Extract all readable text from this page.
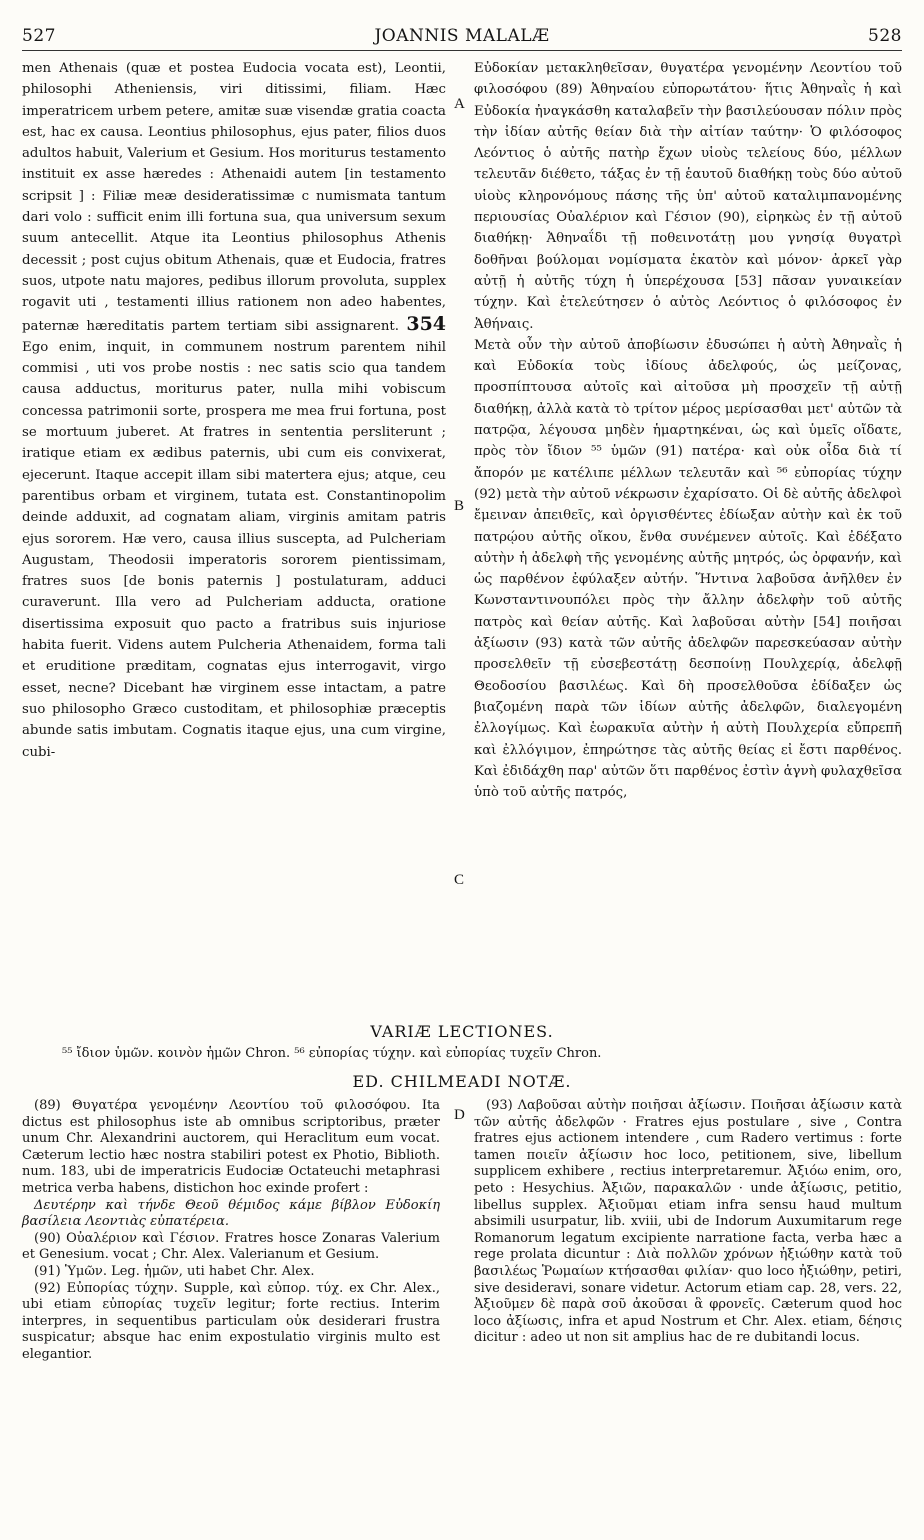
527	JOANNIS MALALÆ	528
men Athenais (quæ et postea Eudocia vocata est), Leontii, philosophi Atheniensis, viri ditissimi, filiam. Hæc imperatricem urbem petere, amitæ suæ visendæ gratia coacta est, hac ex causa. Leontius philosophus, ejus pater, filios duos adultos habuit, Valerium et Gesium. Hos moriturus testamento instituit ex asse hæredes : Athenaidi autem [in testamento scripsit ] : Filiæ meæ desideratissimæ c numismata tantum dari volo : sufficit enim illi fortuna sua, qua universum sexum suum antecellit. Atque ita Leontius philosophus Athenis decessit ; post cujus obitum Athenais, quæ et Eudocia, fratres suos, utpote natu majores, pedibus illorum provoluta, supplex rogavit uti , testamenti illius rationem non adeo habentes, paternæ hæreditatis partem tertiam sibi assignarent. 354 Ego enim, inquit, in communem nostrum parentem nihil commisi , uti vos probe nostis : nec satis scio qua tandem causa adductus, moriturus pater, nulla mihi vobiscum concessa patrimonii sorte, prospera me mea frui fortuna, post se mortuum juberet. At fratres in sententia persliterunt ; iratique etiam ex ædibus paternis, ubi cum eis convixerat, ejecerunt. Itaque accepit illam sibi matertera ejus; atque, ceu parentibus orbam et virginem, tutata est. Constantinopolim deinde adduxit, ad cognatam aliam, virginis amitam patris ejus sororem. Hæ vero, causa illius suscepta, ad Pulcheriam Augustam, Theodosii imperatoris sororem pientissimam, fratres suos [de bonis paternis ] postulaturam, adduci curaverunt. Illa vero ad Pulcheriam adducta, oratione disertissima exposuit quo pacto a fratribus suis injuriose habita fuerit. Videns autem Pulcheria Athenaidem, forma tali et eruditione præditam, cognatas ejus interrogavit, virgo esset, necne? Dicebant hæ virginem esse intactam, a patre suo philosopho Græco custoditam, et philosophiæ præceptis abunde satis imbutam. Cognatis itaque ejus, una cum virgine, cubi-
A
B
C
Εὐδοκίαν μετακληθεῖσαν, θυγατέρα γενομένην Λεοντίου τοῦ φιλοσόφου (89) Ἀθηναίου εὐπορωτάτου· ἥτις Ἀθηναῒς ἡ καὶ Εὐδοκία ἠναγκάσθη καταλαβεῖν τὴν βασιλεύουσαν πόλιν πρὸς τὴν ἰδίαν αὐτῆς θείαν διὰ τὴν αἰτίαν ταύτην· Ὁ φιλόσοφος Λεόντιος ὁ αὐτῆς πατὴρ ἔχων υἱοὺς τελείους δύο, μέλλων τελευτᾶν διέθετο, τάξας ἐν τῇ ἑαυτοῦ διαθήκῃ τοὺς δύο αὐτοῦ υἱοὺς κληρονόμους πάσης τῆς ὑπ' αὐτοῦ καταλιμπανομένης περιουσίας Οὐαλέριον καὶ Γέσιον (90), εἰρηκὼς ἐν τῇ αὐτοῦ διαθήκῃ· Ἀθηναΐδι τῇ ποθεινοτάτῃ μου γνησίᾳ θυγατρὶ δοθῆναι βούλομαι νομίσματα ἑκατὸν καὶ μόνον· ἀρκεῖ γὰρ αὐτῇ ἡ αὐτῆς τύχη ἡ ὑπερέχουσα [53] πᾶσαν γυναικείαν τύχην. Καὶ ἐτελεύτησεν ὁ αὐτὸς Λεόντιος ὁ φιλόσοφος ἐν Ἀθήναις.
Μετὰ οὖν τὴν αὐτοῦ ἀποβίωσιν ἐδυσώπει ἡ αὐτὴ Ἀθηναῒς ἡ καὶ Εὐδοκία τοὺς ἰδίους ἀδελφούς, ὡς μείζονας, προσπίπτουσα αὐτοῖς καὶ αἰτοῦσα μὴ προσχεῖν τῇ αὐτῇ διαθήκῃ, ἀλλὰ κατὰ τὸ τρίτον μέρος μερίσασθαι μετ' αὐτῶν τὰ πατρῷα, λέγουσα μηδὲν ἡμαρτηκέναι, ὡς καὶ ὑμεῖς οἴδατε, πρὸς τὸν ἴδιον ⁵⁵ ὑμῶν (91) πατέρα· καὶ οὐκ οἶδα διὰ τί ἄπορόν με κατέλιπε μέλλων τελευτᾶν καὶ ⁵⁶ εὐπορίας τύχην (92) μετὰ τὴν αὐτοῦ νέκρωσιν ἐχαρίσατο. Οἱ δὲ αὐτῆς ἀδελφοὶ ἔμειναν ἀπειθεῖς, καὶ ὀργισθέντες ἐδίωξαν αὐτὴν καὶ ἐκ τοῦ πατρῴου αὐτῆς οἴκου, ἔνθα συνέμενεν αὐτοῖς. Καὶ ἐδέξατο αὐτὴν ἡ ἀδελφὴ τῆς γενομένης αὐτῆς μητρός, ὡς ὀρφανήν, καὶ ὡς παρθένον ἐφύλαξεν αὐτήν. Ἥντινα λαβοῦσα ἀνῆλθεν ἐν Κωνσταντινουπόλει πρὸς τὴν ἄλλην ἀδελφὴν τοῦ αὐτῆς πατρὸς καὶ θείαν αὐτῆς. Καὶ λαβοῦσαι αὐτὴν [54] ποιῆσαι ἀξίωσιν (93) κατὰ τῶν αὐτῆς ἀδελφῶν παρεσκεύασαν αὐτὴν προσελθεῖν τῇ εὐσεβεστάτῃ δεσποίνῃ Πουλχερίᾳ, ἀδελφῇ Θεοδοσίου βασιλέως. Καὶ δὴ προσελθοῦσα ἐδίδαξεν ὡς βιαζομένη παρὰ τῶν ἰδίων αὐτῆς ἀδελφῶν, διαλεγομένη ἐλλογίμως. Καὶ ἑωρακυῖα αὐτὴν ἡ αὐτὴ Πουλχερία εὔπρεπῆ καὶ ἐλλόγιμον, ἐπηρώτησε τὰς αὐτῆς θείας εἰ ἔστι παρθένος. Καὶ ἐδιδάχθη παρ' αὐτῶν ὅτι παρθένος ἐστὶν ἁγνὴ φυλαχθεῖσα ὑπὸ τοῦ αὐτῆς πατρός,
VARIÆ LECTIONES.
⁵⁵ ἴδιον ὑμῶν. κοινὸν ἡμῶν Chron. ⁵⁶ εὐπορίας τύχην. καὶ εὐπορίας τυχεῖν Chron.
ED. CHILMEADI NOTÆ.
D

(89) Θυγατέρα γενομένην Λεοντίου τοῦ φιλοσόφου. Ita dictus est philosophus iste ab omnibus scriptoribus, præter unum Chr. Alexandrini auctorem, qui Heraclitum eum vocat. Cæterum lectio hæc nostra stabiliri potest ex Photio, Biblioth. num. 183, ubi de imperatricis Eudociæ Octateuchi metaphrasi metrica verba habens, distichon hoc exinde profert :

Δευτέρην καὶ τήνδε Θεοῦ θέμιδος κάμε βίβλον Εὐδοκίη βασίλεια Λεοντιὰς εὐπατέρεια.

(90) Οὐαλέριον καὶ Γέσιον. Fratres hosce Zonaras Valerium et Genesium. vocat ; Chr. Alex. Valerianum et Gesium.

(91) Ὑμῶν. Leg. ἡμῶν, uti habet Chr. Alex.

(92) Εὐπορίας τύχην. Supple, καὶ εὐπορ. τύχ. ex Chr. Alex., ubi etiam εὐπορίας τυχεῖν legitur; forte rectius. Interim interpres, in sequentibus particulam οὐκ desiderari frustra suspicatur; absque hac enim expostulatio virginis multo est elegantior.

(93) Λαβοῦσαι αὐτὴν ποιῆσαι ἀξίωσιν. Ποιῆσαι ἀξίωσιν κατὰ τῶν αὐτῆς ἀδελφῶν · Fratres ejus postulare , sive , Contra fratres ejus actionem intendere , cum Radero vertimus : forte tamen ποιεῖν ἀξίωσιν hoc loco, petitionem, sive, libellum supplicem exhibere , rectius interpretaremur. Ἀξιόω enim, oro, peto : Hesychius. Ἀξιῶν, παρακαλῶν · unde ἀξίωσις, petitio, libellus supplex. Ἀξιοῦμαι etiam infra sensu haud multum absimili usurpatur, lib. xviii, ubi de Indorum Auxumitarum rege Romanorum legatum excipiente narratione facta, verba hæc a rege prolata dicuntur : Διὰ πολλῶν χρόνων ἠξιώθην κατὰ τοῦ βασιλέως Ῥωμαίων κτήσασθαι φιλίαν· quo loco ἠξιώθην, petiri, sive desideravi, sonare videtur. Actorum etiam cap. 28, vers. 22, Ἀξιοῦμεν δὲ παρὰ σοῦ ἀκοῦσαι ἃ φρονεῖς. Cæterum quod hoc loco ἀξίωσις, infra et apud Nostrum et Chr. Alex. etiam, δέησις dicitur : adeo ut non sit amplius hac de re dubitandi locus.
